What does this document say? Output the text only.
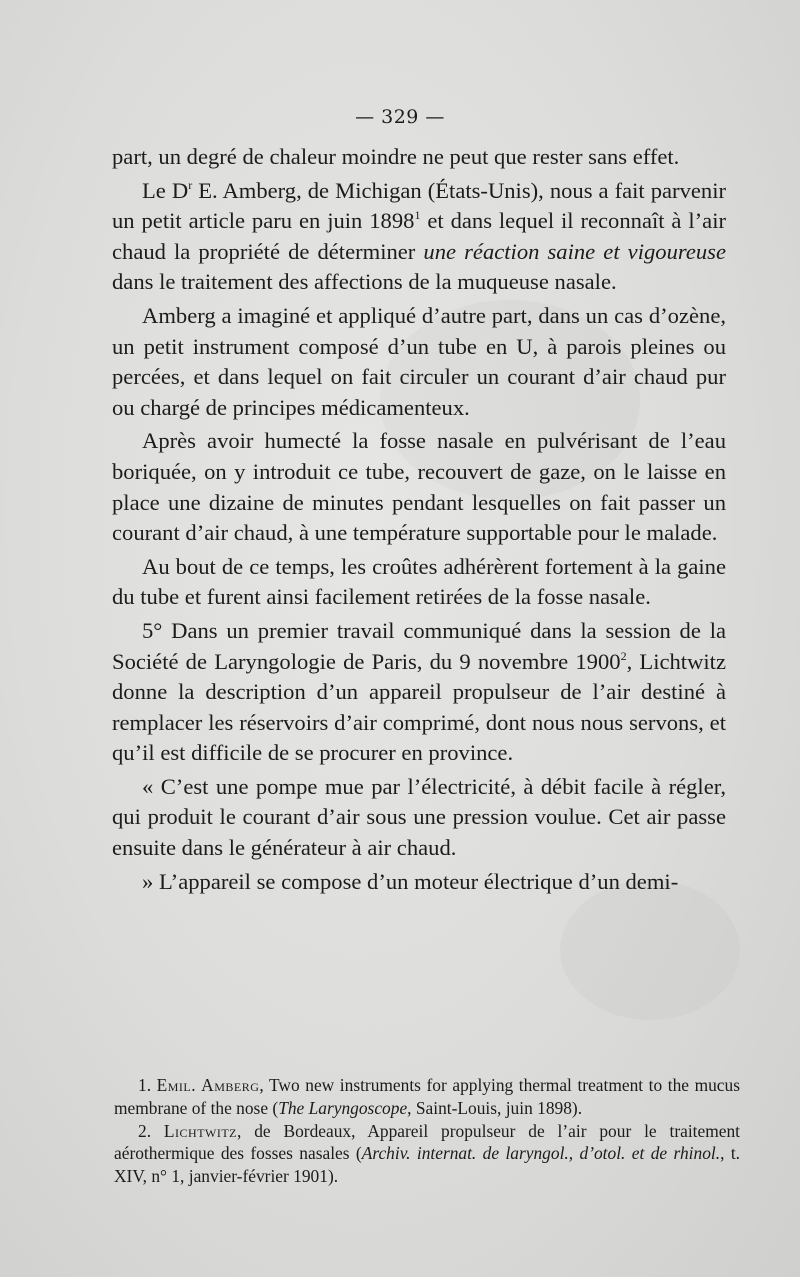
— 329 —

part, un degré de chaleur moindre ne peut que rester sans effet.

Le $D^r$ E. Amberg, de Michigan (États-Unis), nous a fait parvenir un petit article paru en juin 1898$^1$ et dans lequel il reconnaît à l’air chaud la propriété de déterminer une réaction saine et vigoureuse dans le traitement des affections de la muqueuse nasale.

Amberg a imaginé et appliqué d’autre part, dans un cas d’ozène, un petit instrument composé d’un tube en U, à parois pleines ou percées, et dans lequel on fait circuler un courant d’air chaud pur ou chargé de principes médicamenteux.

Après avoir humecté la fosse nasale en pulvérisant de l’eau boriquée, on y introduit ce tube, recouvert de gaze, on le laisse en place une dizaine de minutes pendant lesquelles on fait passer un courant d’air chaud, à une température supportable pour le malade.

Au bout de ce temps, les croûtes adhérèrent fortement à la gaine du tube et furent ainsi facilement retirées de la fosse nasale.

5° Dans un premier travail communiqué dans la session de la Société de Laryngologie de Paris, du 9 novembre 1900$^2$, Lichtwitz donne la description d’un appareil propulseur de l’air destiné à remplacer les réservoirs d’air comprimé, dont nous nous servons, et qu’il est difficile de se procurer en province.

« C’est une pompe mue par l’électricité, à débit facile à régler, qui produit le courant d’air sous une pression voulue. Cet air passe ensuite dans le générateur à air chaud.

» L’appareil se compose d’un moteur électrique d’un demi-

1. Emil. Amberg, Two new instruments for applying thermal treatment to the mucus membrane of the nose (The Laryngoscope, Saint-Louis, juin 1898).

2. Lichtwitz, de Bordeaux, Appareil propulseur de l’air pour le traitement aérothermique des fosses nasales (Archiv. internat. de laryngol., d’otol. et de rhinol., t. XIV, n° 1, janvier-février 1901).
